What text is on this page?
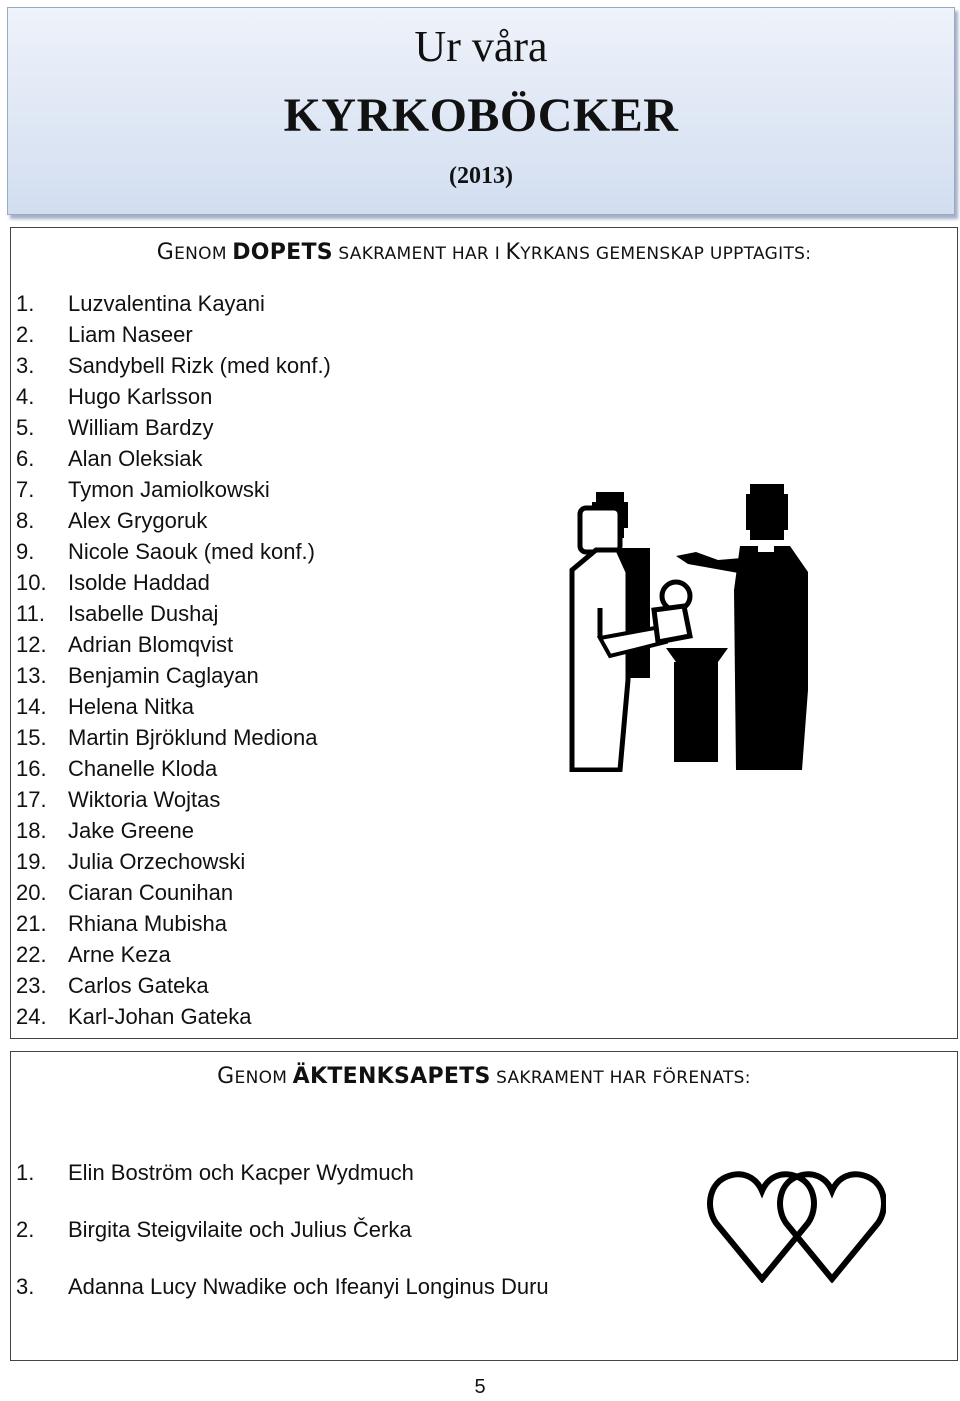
Ur våra
KYRKOBÖCKER
(2013)
GENOM DOPETS SAKRAMENT HAR I KYRKANS GEMENSKAP UPPTAGITS:
1. Luzvalentina Kayani
2. Liam Naseer
3. Sandybell Rizk (med konf.)
4. Hugo Karlsson
5. William Bardzy
6. Alan Oleksiak
7. Tymon Jamiolkowski
8. Alex Grygoruk
9. Nicole Saouk (med konf.)
10. Isolde Haddad
11. Isabelle Dushaj
12. Adrian Blomqvist
13. Benjamin Caglayan
14. Helena Nitka
15. Martin Bjröklund Mediona
16. Chanelle Kloda
17. Wiktoria Wojtas
18. Jake Greene
19. Julia Orzechowski
20. Ciaran Counihan
21. Rhiana Mubisha
22. Arne Keza
23. Carlos Gateka
24. Karl-Johan Gateka
GENOM ÄKTENKSAPETS SAKRAMENT HAR FÖRENATS:
1. Elin Boström och Kacper Wydmuch
2. Birgita Steigvilaite och Julius Čerka
3. Adanna Lucy Nwadike och Ifeanyi Longinus Duru
5
